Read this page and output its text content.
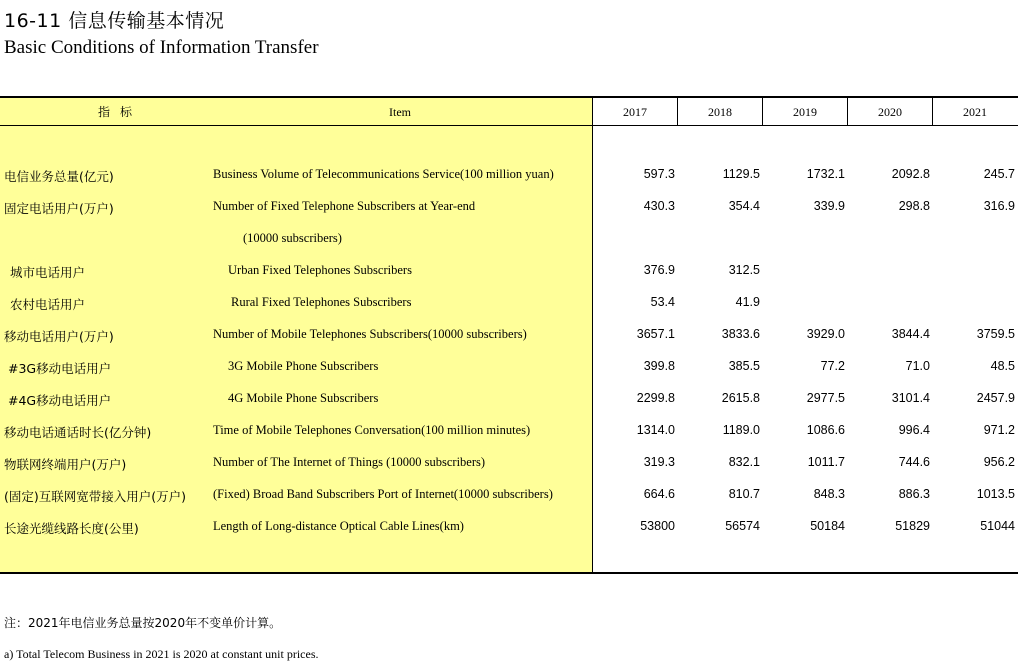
16-11 信息传输基本情况
Basic Conditions of Information Transfer
指标	Item	2017	2018	2019	2020	2021
电信业务总量(亿元)	Business Volume of Telecommunications Service(100 million yuan)	597.3	1129.5	1732.1	2092.8	245.7
固定电话用户(万户)	Number of Fixed Telephone Subscribers at Year-end	430.3	354.4	339.9	298.8	316.9
(10000 subscribers)
城市电话用户	Urban Fixed Telephones Subscribers	376.9	312.5
农村电话用户	Rural Fixed Telephones Subscribers	53.4	41.9
移动电话用户(万户)	Number of Mobile Telephones Subscribers(10000 subscribers)	3657.1	3833.6	3929.0	3844.4	3759.5
#3G移动电话用户	3G Mobile Phone Subscribers	399.8	385.5	77.2	71.0	48.5
#4G移动电话用户	4G Mobile Phone Subscribers	2299.8	2615.8	2977.5	3101.4	2457.9
移动电话通话时长(亿分钟)	Time of Mobile Telephones Conversation(100 million minutes)	1314.0	1189.0	1086.6	996.4	971.2
物联网终端用户(万户)	Number of The Internet of Things (10000 subscribers)	319.3	832.1	1011.7	744.6	956.2
(固定)互联网宽带接入用户(万户) (Fixed) Broad Band Subscribers Port of Internet(10000 subscribers)	664.6	810.7	848.3	886.3	1013.5
长途光缆线路长度(公里)	Length of Long-distance Optical Cable Lines(km)	53800	56574	50184	51829	51044
注：2021年电信业务总量按2020年不变单价计算。
a) Total Telecom Business in 2021 is 2020 at constant unit prices.
